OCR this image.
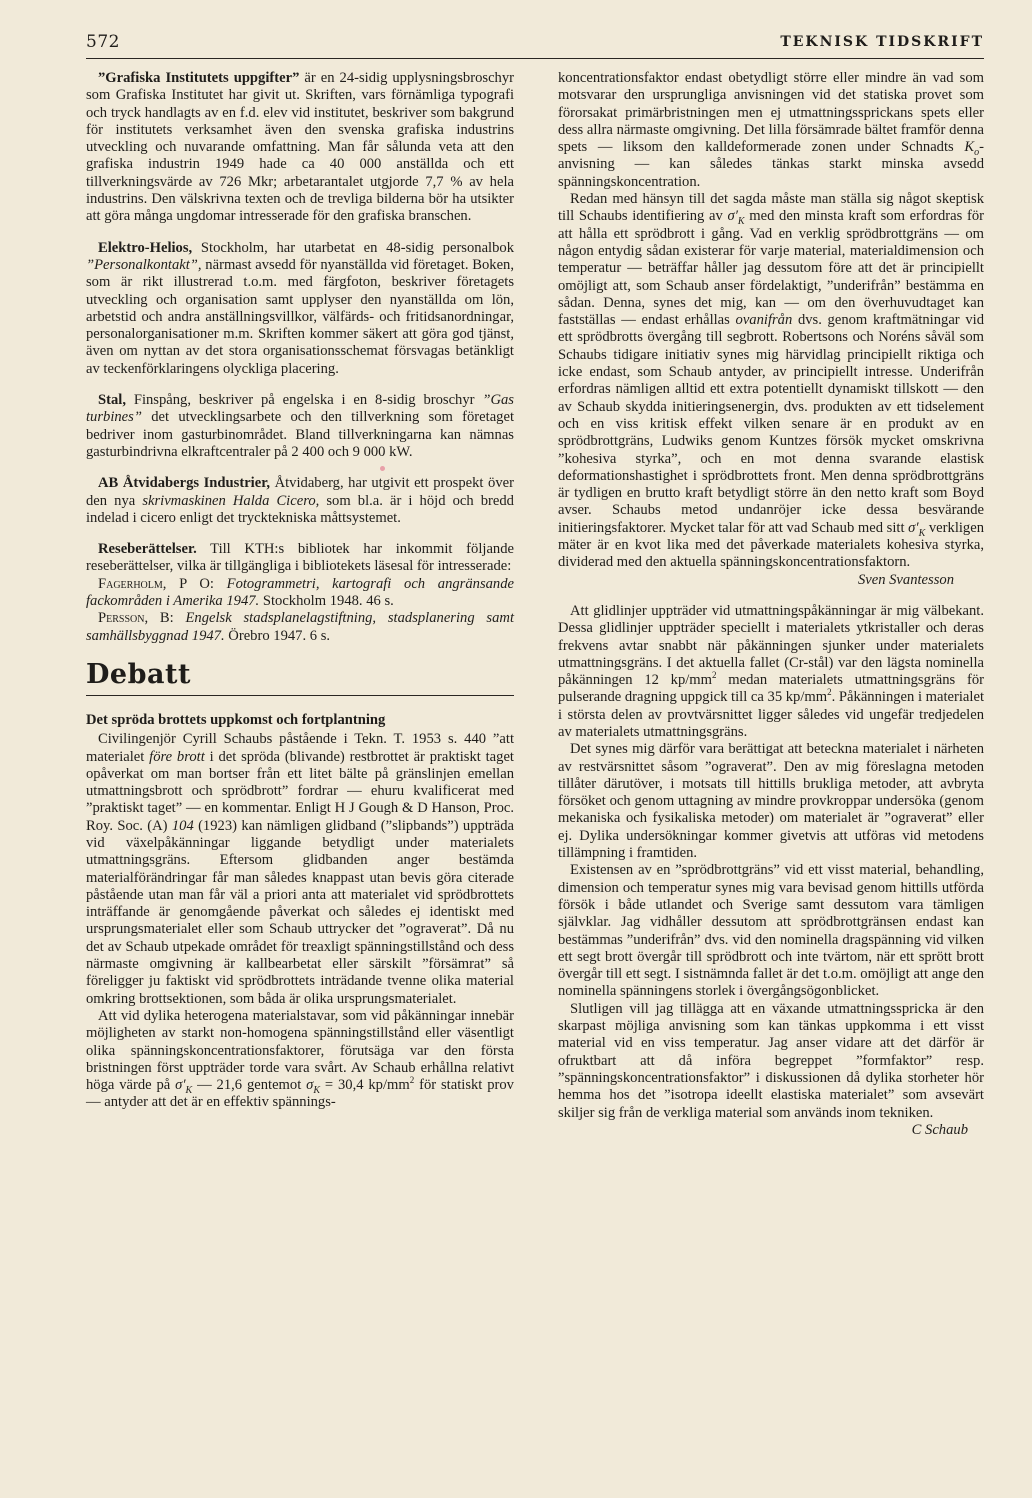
572	TEKNISK TIDSKRIFT

”Grafiska Institutets uppgifter” är en 24-sidig upplysningsbroschyr som Grafiska Institutet har givit ut. Skriften, vars förnämliga typografi och tryck handlagts av en f.d. elev vid institutet, beskriver som bakgrund för institutets verksamhet även den svenska grafiska industrins utveckling och nuvarande omfattning. Man får sålunda veta att den grafiska industrin 1949 hade ca 40 000 anställda och ett tillverkningsvärde av 726 Mkr; arbetarantalet utgjorde 7,7 % av hela industrins. Den välskrivna texten och de trevliga bilderna bör ha utsikter att göra många ungdomar intresserade för den grafiska branschen.

Elektro-Helios, Stockholm, har utarbetat en 48-sidig personalbok ”Personalkontakt”, närmast avsedd för nyanställda vid företaget. Boken, som är rikt illustrerad t.o.m. med färgfoton, beskriver företagets utveckling och organisation samt upplyser den nyanställda om lön, arbetstid och andra anställningsvillkor, välfärds- och fritidsanordningar, personalorganisationer m.m. Skriften kommer säkert att göra god tjänst, även om nyttan av det stora organisationsschemat försvagas betänkligt av teckenförklaringens olyckliga placering.

Stal, Finspång, beskriver på engelska i en 8-sidig broschyr ”Gas turbines” det utvecklingsarbete och den tillverkning som företaget bedriver inom gasturbinområdet. Bland tillverkningarna kan nämnas gasturbindrivna elkraftcentraler på 2 400 och 9 000 kW.

AB Åtvidabergs Industrier, Åtvidaberg, har utgivit ett prospekt över den nya skrivmaskinen Halda Cicero, som bl.a. är i höjd och bredd indelad i cicero enligt det trycktekniska måttsystemet.

Reseberättelser. Till KTH:s bibliotek har inkommit följande reseberättelser, vilka är tillgängliga i bibliotekets läsesal för intresserade:

Fagerholm, P O: Fotogrammetri, kartografi och angränsande fackområden i Amerika 1947. Stockholm 1948. 46 s.

Persson, B: Engelsk stadsplanelagstiftning, stadsplanering samt samhällsbyggnad 1947. Örebro 1947. 6 s.

Debatt

Det spröda brottets uppkomst och fortplantning

Civilingenjör Cyrill Schaubs påstående i Tekn. T. 1953 s. 440 ”att materialet före brott i det spröda (blivande) restbrottet är praktiskt taget opåverkat om man bortser från ett litet bälte på gränslinjen emellan utmattningsbrott och sprödbrott” fordrar — ehuru kvalificerat med ”praktiskt taget” — en kommentar. Enligt H J Gough & D Hanson, Proc. Roy. Soc. (A) 104 (1923) kan nämligen glidband (”slipbands”) uppträda vid växelpåkänningar liggande betydligt under materialets utmattningsgräns. Eftersom glidbanden anger bestämda materialförändringar får man således knappast utan bevis göra citerade påstående utan man får väl a priori anta att materialet vid sprödbrottets inträffande är genomgående påverkat och således ej identiskt med ursprungsmaterialet eller som Schaub uttrycker det ”ograverat”. Då nu det av Schaub utpekade området för treaxligt spänningstillstånd och dess närmaste omgivning är kallbearbetat eller särskilt ”försämrat” så föreligger ju faktiskt vid sprödbrottets inträdande tvenne olika material omkring brottsektionen, som båda är olika ursprungsmaterialet.

Att vid dylika heterogena materialstavar, som vid påkänningar innebär möjligheten av starkt non-homogena spänningstillstånd eller väsentligt olika spänningskoncentrationsfaktorer, förutsäga var den första bristningen först uppträder torde vara svårt. Av Schaub erhållna relativt höga värde på $\sigma'_K$ — 21,6 gentemot $\sigma_K = 30,4$ $kp/mm^2$ för statiskt prov — antyder att det är en effektiv spännings-

koncentrationsfaktor endast obetydligt större eller mindre än vad som motsvarar den ursprungliga anvisningen vid det statiska provet som förorsakat primärbristningen men ej utmattningssprickans spets eller dess allra närmaste omgivning. Det lilla försämrade bältet framför denna spets — liksom den kalldeformerade zonen under Schnadts $K_o$-anvisning — kan således tänkas starkt minska avsedd spänningskoncentration.

Redan med hänsyn till det sagda måste man ställa sig något skeptisk till Schaubs identifiering av $\sigma'_K$ med den minsta kraft som erfordras för att hålla ett sprödbrott i gång. Vad en verklig sprödbrottgräns — om någon entydig sådan existerar för varje material, materialdimension och temperatur — beträffar håller jag dessutom före att det är principiellt omöjligt att, som Schaub anser fördelaktigt, ”underifrån” bestämma en sådan. Denna, synes det mig, kan — om den överhuvudtaget kan fastställas — endast erhållas ovanifrån dvs. genom kraftmätningar vid ett sprödbrotts övergång till segbrott. Robertsons och Noréns såväl som Schaubs tidigare initiativ synes mig härvidlag principiellt riktiga och icke endast, som Schaub antyder, av principiellt intresse. Underifrån erfordras nämligen alltid ett extra potentiellt dynamiskt tillskott — den av Schaub skydda initieringsenergin, dvs. produkten av ett tidselement och en viss kritisk effekt vilken senare är en produkt av en sprödbrottgräns, Ludwiks genom Kuntzes försök mycket omskrivna ”kohesiva styrka”, och en mot denna svarande elastisk deformationshastighet i sprödbrottets front. Men denna sprödbrottgräns är tydligen en brutto kraft betydligt större än den netto kraft som Boyd avser. Schaubs metod undanröjer icke dessa besvärande initieringsfaktorer. Mycket talar för att vad Schaub med sitt $\sigma'_K$ verkligen mäter är en kvot lika med det påverkade materialets kohesiva styrka, dividerad med den aktuella spänningskoncentrationsfaktorn.

Sven Svantesson

Att glidlinjer uppträder vid utmattningspåkänningar är mig välbekant. Dessa glidlinjer uppträder speciellt i materialets ytkristaller och deras frekvens avtar snabbt när påkänningen sjunker under materialets utmattningsgräns. I det aktuella fallet (Cr-stål) var den lägsta nominella påkänningen 12 $kp/mm^2$ medan materialets utmattningsgräns för pulserande dragning uppgick till ca 35 $kp/mm^2$. Påkänningen i materialet i största delen av provtvärsnittet ligger således vid ungefär tredjedelen av materialets utmattningsgräns.

Det synes mig därför vara berättigat att beteckna materialet i närheten av restvärsnittet såsom ”ograverat”. Den av mig föreslagna metoden tillåter därutöver, i motsats till hittills brukliga metoder, att avbryta försöket och genom uttagning av mindre provkroppar undersöka (genom mekaniska och fysikaliska metoder) om materialet är ”ograverat” eller ej. Dylika undersökningar kommer givetvis att utföras vid metodens tillämpning i framtiden.

Existensen av en ”sprödbrottgräns” vid ett visst material, behandling, dimension och temperatur synes mig vara bevisad genom hittills utförda försök i både utlandet och Sverige samt dessutom vara tämligen självklar. Jag vidhåller dessutom att sprödbrottgränsen endast kan bestämmas ”underifrån” dvs. vid den nominella dragspänning vid vilken ett segt brott övergår till sprödbrott och inte tvärtom, när ett sprött brott övergår till ett segt. I sistnämnda fallet är det t.o.m. omöjligt att ange den nominella spänningens storlek i övergångsögonblicket.

Slutligen vill jag tillägga att en växande utmattningsspricka är den skarpast möjliga anvisning som kan tänkas uppkomma i ett visst material vid en viss temperatur. Jag anser vidare att det därför är ofruktbart att då införa begreppet ”formfaktor” resp. ”spänningskoncentrationsfaktor” i diskussionen då dylika storheter hör hemma hos det ”isotropa ideellt elastiska materialet” som avsevärt skiljer sig från de verkliga material som används inom tekniken.

C Schaub
